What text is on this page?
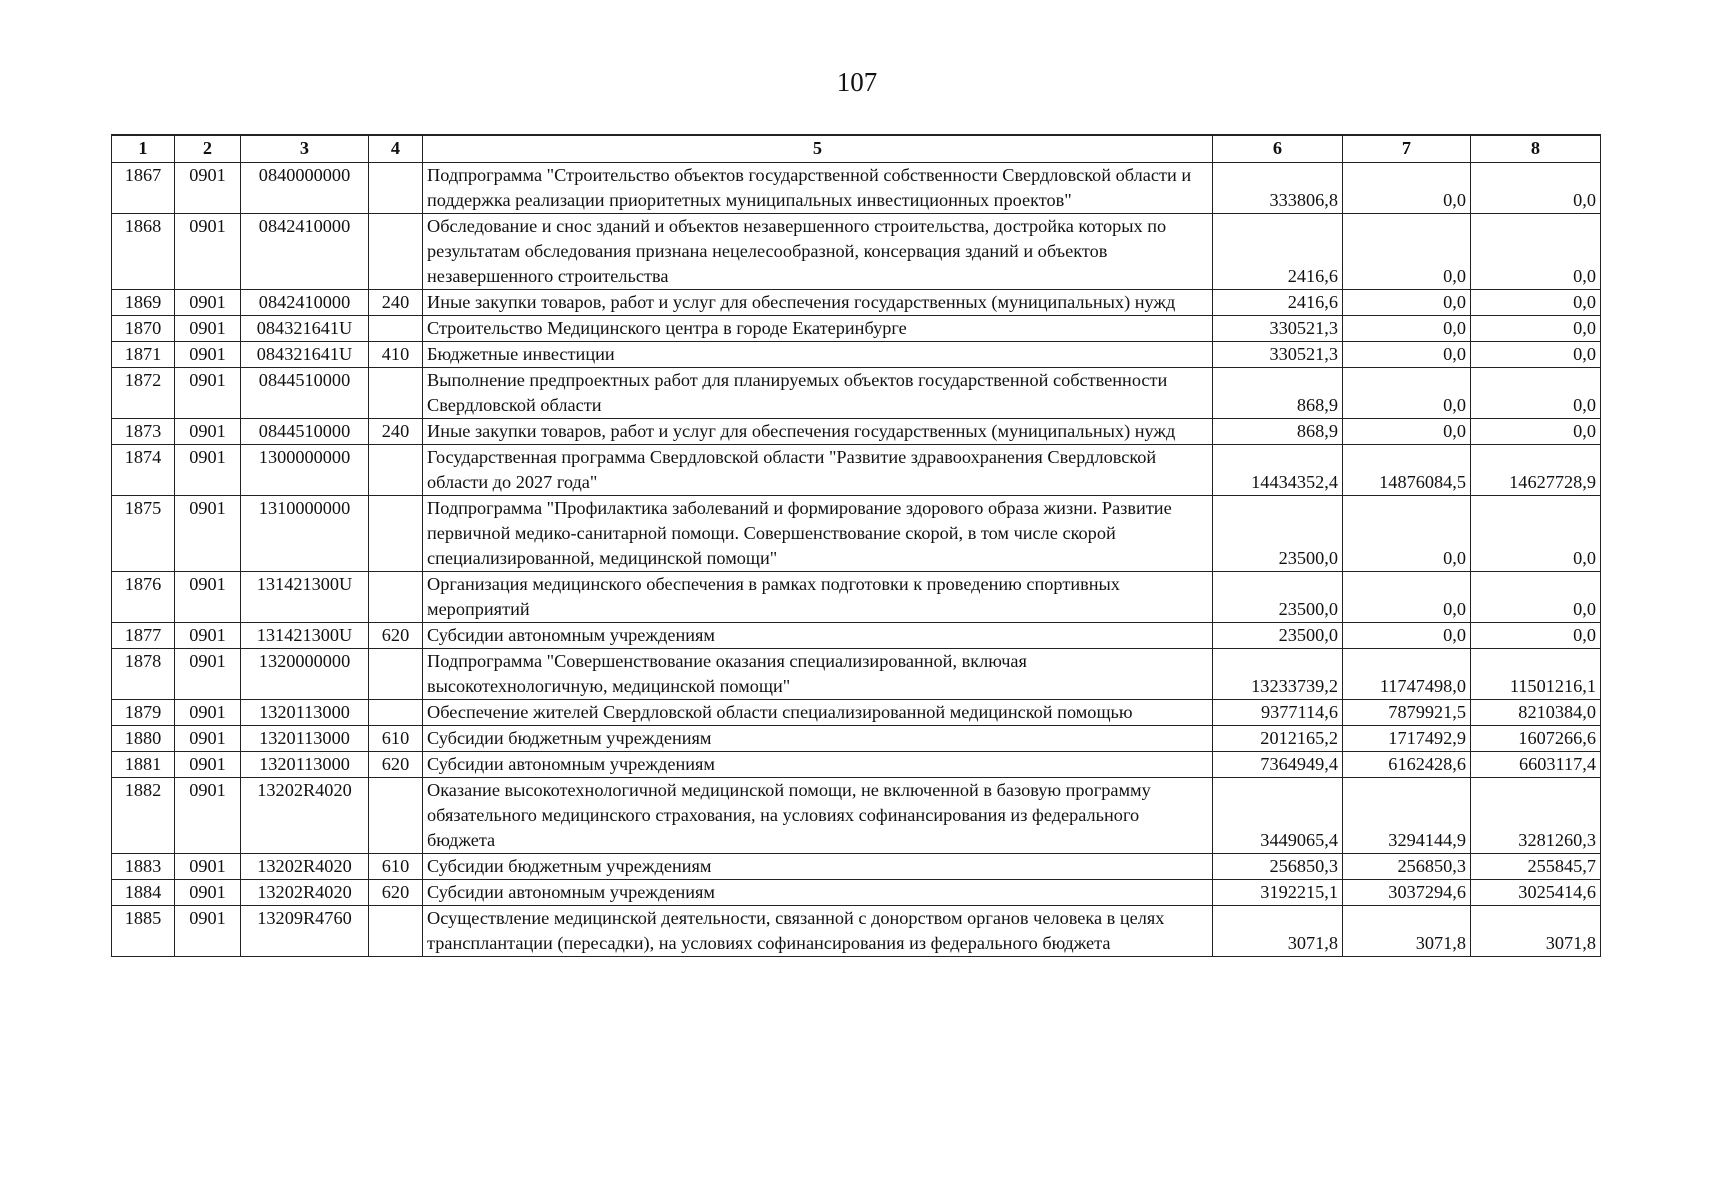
107
1	2	3	4	5	6	7	8
1867	0901	0840000000		Подпрограмма "Строительство объектов государственной собственности Свердловской области и поддержка реализации приоритетных муниципальных инвестиционных проектов"	333806,8	0,0	0,0
1868	0901	0842410000		Обследование и снос зданий и объектов незавершенного строительства, достройка которых по результатам обследования признана нецелесообразной, консервация зданий и объектов незавершенного строительства	2416,6	0,0	0,0
1869	0901	0842410000	240	Иные закупки товаров, работ и услуг для обеспечения государственных (муниципальных) нужд	2416,6	0,0	0,0
1870	0901	084321641U		Строительство Медицинского центра в городе Екатеринбурге	330521,3	0,0	0,0
1871	0901	084321641U	410	Бюджетные инвестиции	330521,3	0,0	0,0
1872	0901	0844510000		Выполнение предпроектных работ для планируемых объектов государственной собственности Свердловской области	868,9	0,0	0,0
1873	0901	0844510000	240	Иные закупки товаров, работ и услуг для обеспечения государственных (муниципальных) нужд	868,9	0,0	0,0
1874	0901	1300000000		Государственная программа Свердловской области "Развитие здравоохранения Свердловской области до 2027 года"	14434352,4	14876084,5	14627728,9
1875	0901	1310000000		Подпрограмма "Профилактика заболеваний и формирование здорового образа жизни. Развитие первичной медико-санитарной помощи. Совершенствование скорой, в том числе скорой специализированной, медицинской помощи"	23500,0	0,0	0,0
1876	0901	131421300U		Организация медицинского обеспечения в рамках подготовки к проведению спортивных мероприятий	23500,0	0,0	0,0
1877	0901	131421300U	620	Субсидии автономным учреждениям	23500,0	0,0	0,0
1878	0901	1320000000		Подпрограмма "Совершенствование оказания специализированной, включая высокотехнологичную, медицинской помощи"	13233739,2	11747498,0	11501216,1
1879	0901	1320113000		Обеспечение жителей Свердловской области специализированной медицинской помощью	9377114,6	7879921,5	8210384,0
1880	0901	1320113000	610	Субсидии бюджетным учреждениям	2012165,2	1717492,9	1607266,6
1881	0901	1320113000	620	Субсидии автономным учреждениям	7364949,4	6162428,6	6603117,4
1882	0901	13202R4020		Оказание высокотехнологичной медицинской помощи, не включенной в базовую программу обязательного медицинского страхования, на условиях софинансирования из федерального бюджета	3449065,4	3294144,9	3281260,3
1883	0901	13202R4020	610	Субсидии бюджетным учреждениям	256850,3	256850,3	255845,7
1884	0901	13202R4020	620	Субсидии автономным учреждениям	3192215,1	3037294,6	3025414,6
1885	0901	13209R4760		Осуществление медицинской деятельности, связанной с донорством органов человека в целях трансплантации (пересадки), на условиях софинансирования из федерального бюджета	3071,8	3071,8	3071,8
